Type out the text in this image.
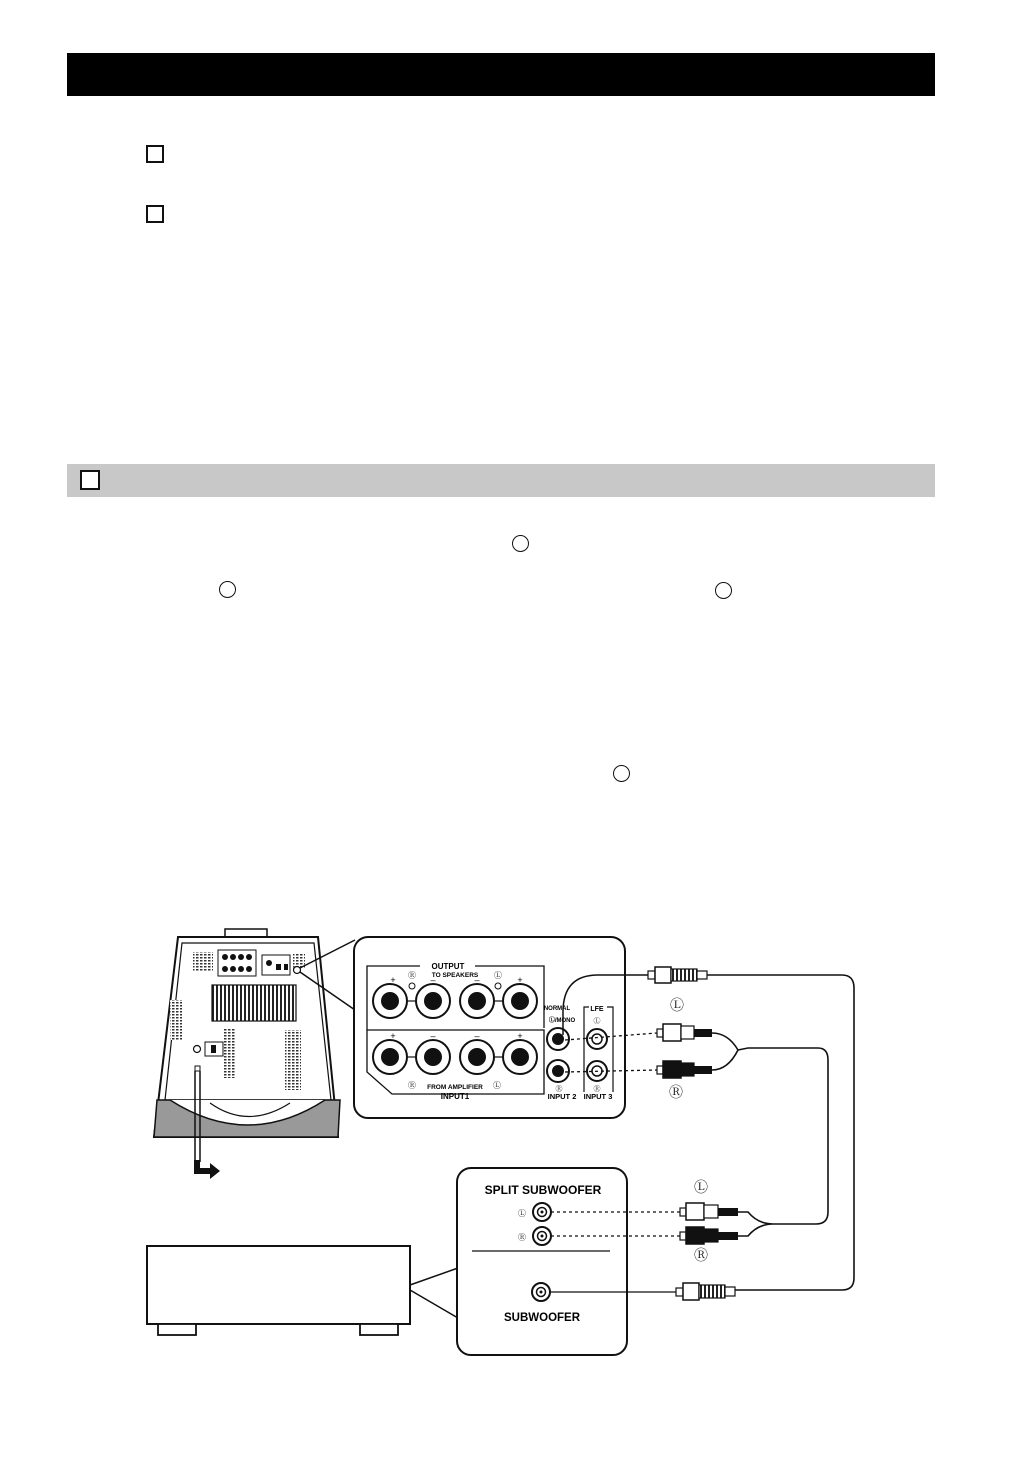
OUTPUT
TO SPEAKERS
+ Ⓡ –	– Ⓛ +
+	–	–	+
Ⓡ FROM AMPLIFIER Ⓛ
INPUT1
NORMAL
Ⓛ/MONO
Ⓡ
INPUT 2
LFE
Ⓛ
Ⓡ
INPUT 3
SPLIT SUBWOOFER
Ⓛ
Ⓡ
SUBWOOFER
Ⓛ
Ⓡ
Ⓛ
Ⓡ
